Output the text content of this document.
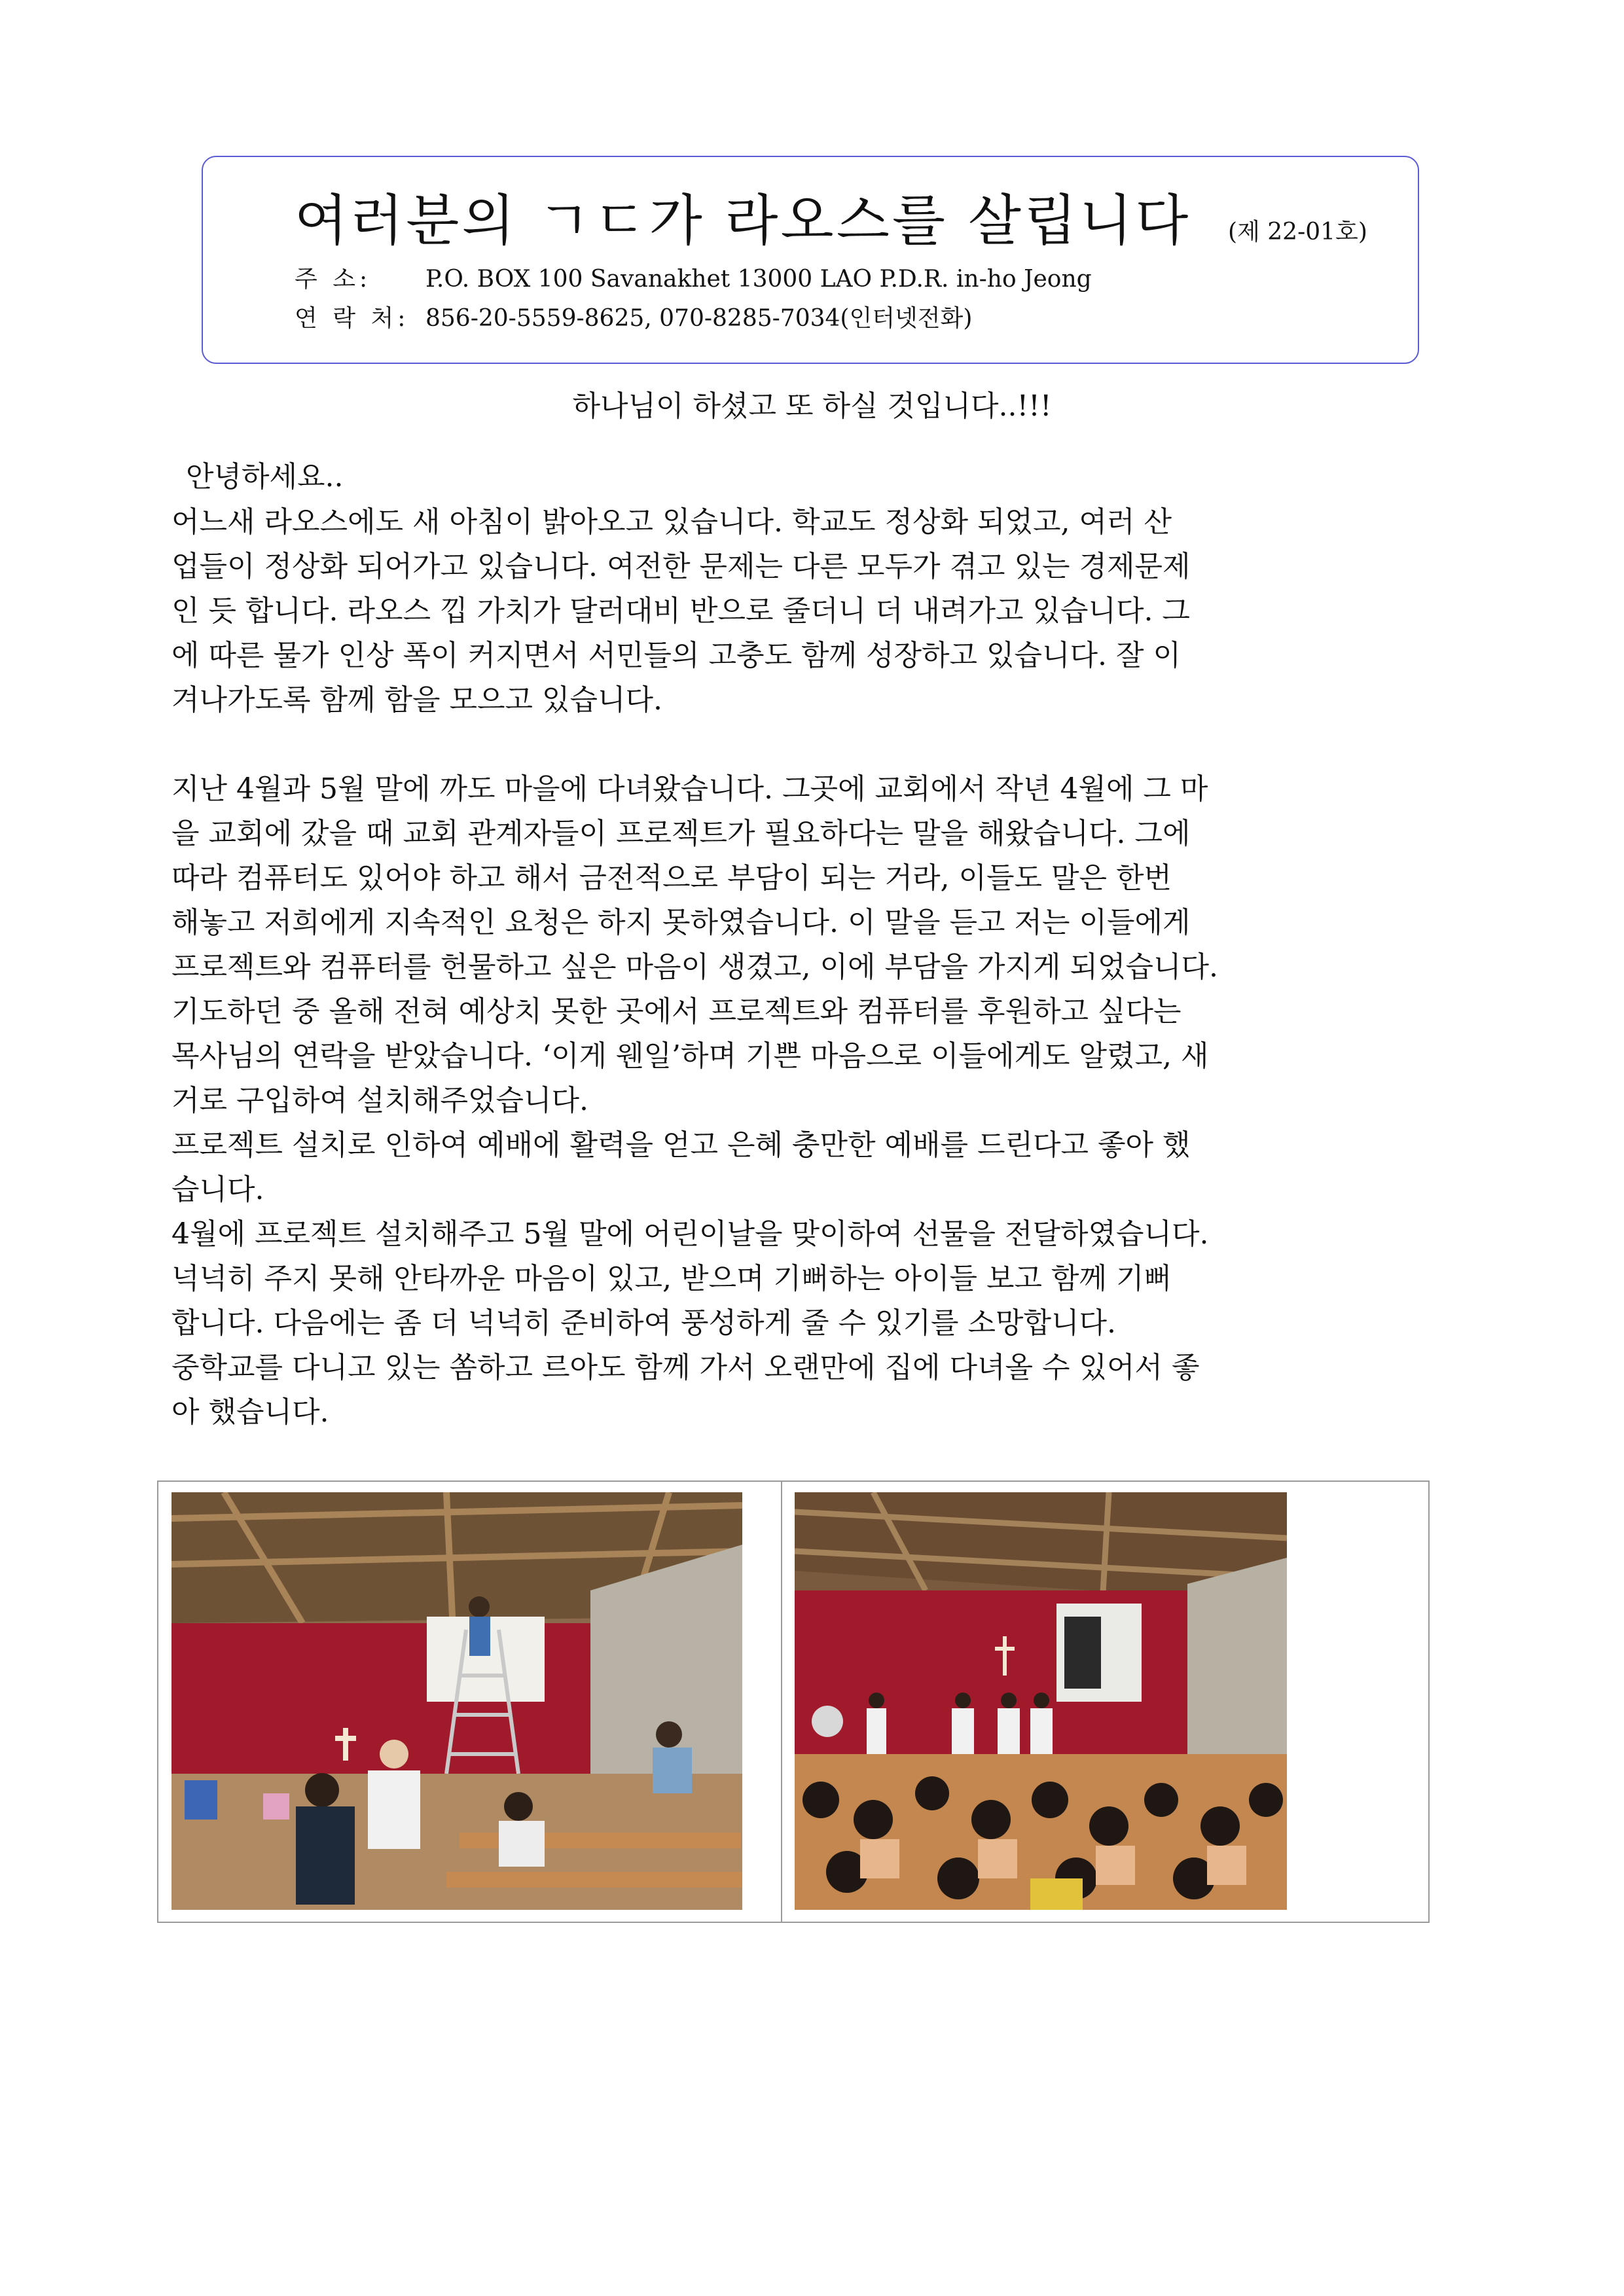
여러분의 ㄱㄷ가 라오스를 살립니다 (제 22-01호)
주 소: P.O. BOX 100 Savanakhet 13000 LAO P.D.R. in-ho Jeong
연 락 처: 856-20-5559-8625, 070-8285-7034(인터넷전화)
하나님이 하셨고 또 하실 것입니다..!!!
안녕하세요..

어느새 라오스에도 새 아침이 밝아오고 있습니다. 학교도 정상화 되었고, 여러 산

업들이 정상화 되어가고 있습니다. 여전한 문제는 다른 모두가 겪고 있는 경제문제

인 듯 합니다. 라오스 낍 가치가 달러대비 반으로 줄더니 더 내려가고 있습니다. 그

에 따른 물가 인상 폭이 커지면서 서민들의 고충도 함께 성장하고 있습니다. 잘 이

겨나가도록 함께 함을 모으고 있습니다.

지난 4월과 5월 말에 까도 마을에 다녀왔습니다. 그곳에 교회에서 작년 4월에 그 마

을 교회에 갔을 때 교회 관계자들이 프로젝트가 필요하다는 말을 해왔습니다. 그에

따라 컴퓨터도 있어야 하고 해서 금전적으로 부담이 되는 거라, 이들도 말은 한번

해놓고 저희에게 지속적인 요청은 하지 못하였습니다. 이 말을 듣고 저는 이들에게

프로젝트와 컴퓨터를 헌물하고 싶은 마음이 생겼고, 이에 부담을 가지게 되었습니다.

기도하던 중 올해 전혀 예상치 못한 곳에서 프로젝트와 컴퓨터를 후원하고 싶다는

목사님의 연락을 받았습니다. ‘이게 웬일’하며 기쁜 마음으로 이들에게도 알렸고, 새

거로 구입하여 설치해주었습니다.

프로젝트 설치로 인하여 예배에 활력을 얻고 은혜 충만한 예배를 드린다고 좋아 했

습니다.

4월에 프로젝트 설치해주고 5월 말에 어린이날을 맞이하여 선물을 전달하였습니다.

넉넉히 주지 못해 안타까운 마음이 있고, 받으며 기뻐하는 아이들 보고 함께 기뻐

합니다. 다음에는 좀 더 넉넉히 준비하여 풍성하게 줄 수 있기를 소망합니다.

중학교를 다니고 있는 쏨하고 르아도 함께 가서 오랜만에 집에 다녀올 수 있어서 좋

아 했습니다.
